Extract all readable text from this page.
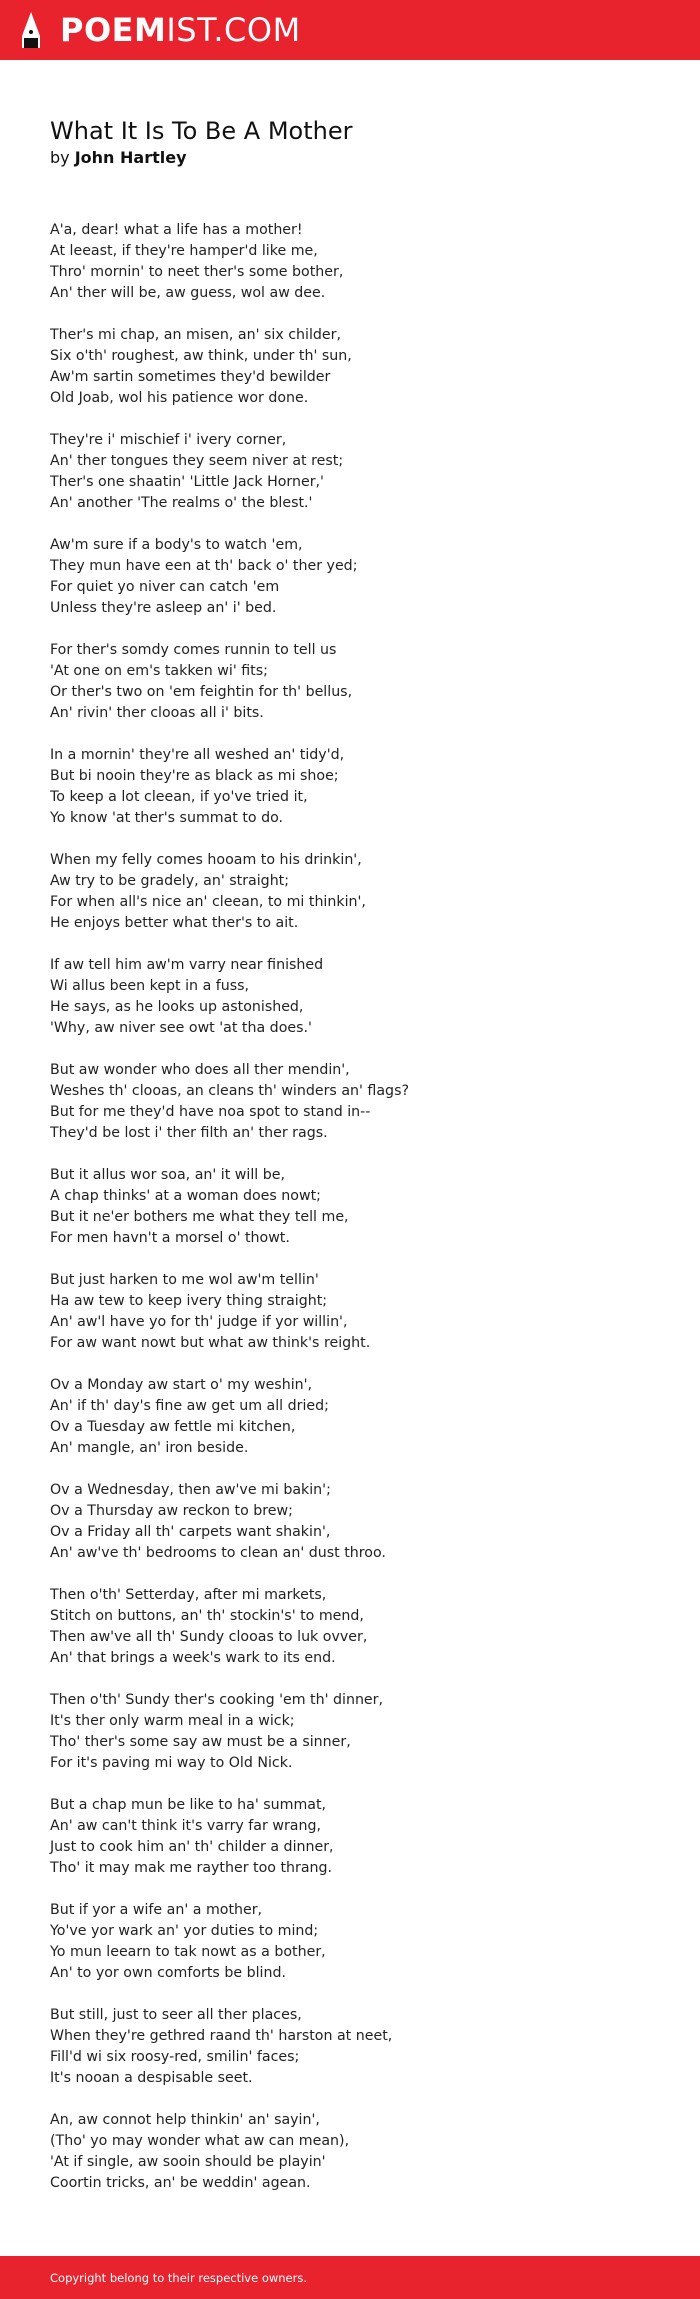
POEMIST.COM
What It Is To Be A Mother
by John Hartley
A'a, dear! what a life has a mother!
At leeast, if they're hamper'd like me,
Thro' mornin' to neet ther's some bother,
An' ther will be, aw guess, wol aw dee.
Ther's mi chap, an misen, an' six childer,
Six o'th' roughest, aw think, under th' sun,
Aw'm sartin sometimes they'd bewilder
Old Joab, wol his patience wor done.
They're i' mischief i' ivery corner,
An' ther tongues they seem niver at rest;
Ther's one shaatin' 'Little Jack Horner,'
An' another 'The realms o' the blest.'
Aw'm sure if a body's to watch 'em,
They mun have een at th' back o' ther yed;
For quiet yo niver can catch 'em
Unless they're asleep an' i' bed.
For ther's somdy comes runnin to tell us
'At one on em's takken wi' fits;
Or ther's two on 'em feightin for th' bellus,
An' rivin' ther clooas all i' bits.
In a mornin' they're all weshed an' tidy'd,
But bi nooin they're as black as mi shoe;
To keep a lot cleean, if yo've tried it,
Yo know 'at ther's summat to do.
When my felly comes hooam to his drinkin',
Aw try to be gradely, an' straight;
For when all's nice an' cleean, to mi thinkin',
He enjoys better what ther's to ait.
If aw tell him aw'm varry near finished
Wi allus been kept in a fuss,
He says, as he looks up astonished,
'Why, aw niver see owt 'at tha does.'
But aw wonder who does all ther mendin',
Weshes th' clooas, an cleans th' winders an' flags?
But for me they'd have noa spot to stand in--
They'd be lost i' ther filth an' ther rags.
But it allus wor soa, an' it will be,
A chap thinks' at a woman does nowt;
But it ne'er bothers me what they tell me,
For men havn't a morsel o' thowt.
But just harken to me wol aw'm tellin'
Ha aw tew to keep ivery thing straight;
An' aw'l have yo for th' judge if yor willin',
For aw want nowt but what aw think's reight.
Ov a Monday aw start o' my weshin',
An' if th' day's fine aw get um all dried;
Ov a Tuesday aw fettle mi kitchen,
An' mangle, an' iron beside.
Ov a Wednesday, then aw've mi bakin';
Ov a Thursday aw reckon to brew;
Ov a Friday all th' carpets want shakin',
An' aw've th' bedrooms to clean an' dust throo.
Then o'th' Setterday, after mi markets,
Stitch on buttons, an' th' stockin's' to mend,
Then aw've all th' Sundy clooas to luk ovver,
An' that brings a week's wark to its end.
Then o'th' Sundy ther's cooking 'em th' dinner,
It's ther only warm meal in a wick;
Tho' ther's some say aw must be a sinner,
For it's paving mi way to Old Nick.
But a chap mun be like to ha' summat,
An' aw can't think it's varry far wrang,
Just to cook him an' th' childer a dinner,
Tho' it may mak me rayther too thrang.
But if yor a wife an' a mother,
Yo've yor wark an' yor duties to mind;
Yo mun leearn to tak nowt as a bother,
An' to yor own comforts be blind.
But still, just to seer all ther places,
When they're gethred raand th' harston at neet,
Fill'd wi six roosy-red, smilin' faces;
It's nooan a despisable seet.
An, aw connot help thinkin' an' sayin',
(Tho' yo may wonder what aw can mean),
'At if single, aw sooin should be playin'
Coortin tricks, an' be weddin' agean.
Copyright belong to their respective owners.
